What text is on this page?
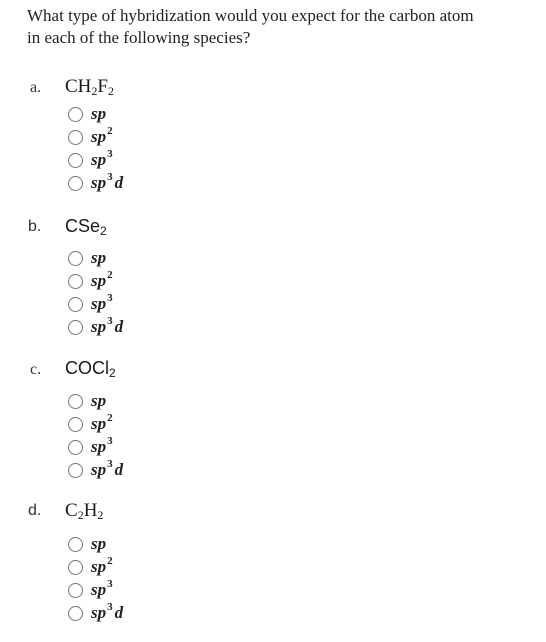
What type of hybridization would you expect for the carbon atom
in each of the following species?
a. $CH_2F_2$
sp
$sp^2$
$sp^3$
$sp^3$ d
b. CSe$_2$
sp
$sp^2$
$sp^3$
$sp^3$ d
c. COCl$_2$
sp
$sp^2$
$sp^3$
$sp^3$ d
d. $C_2H_2$
sp
$sp^2$
$sp^3$
$sp^3$ d
